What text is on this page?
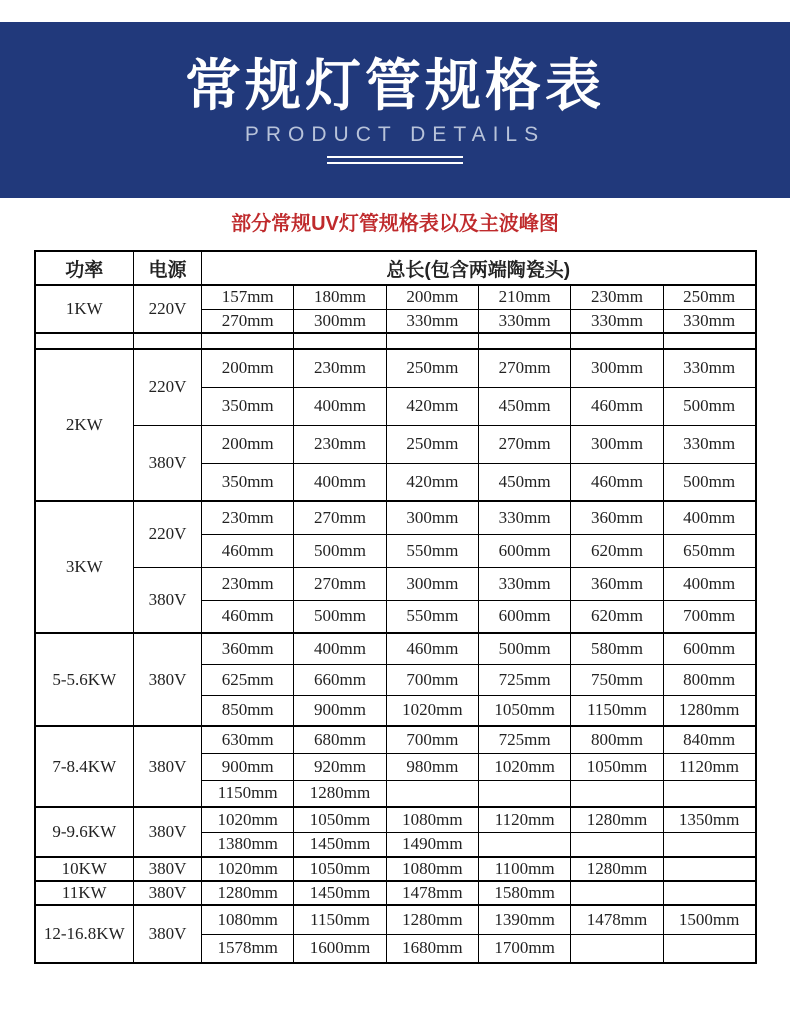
常规灯管规格表
PRODUCT DETAILS
部分常规UV灯管规格表以及主波峰图
功率	电源	总长(包含两端陶瓷头)					
1KW	220V	157mm	180mm	200mm	210mm	230mm	250mm
		270mm	300mm	330mm	330mm	330mm	330mm

2KW	220V	200mm	230mm	250mm	270mm	300mm	330mm
		350mm	400mm	420mm	450mm	460mm	500mm
	380V	200mm	230mm	250mm	270mm	300mm	330mm
		350mm	400mm	420mm	450mm	460mm	500mm
3KW	220V	230mm	270mm	300mm	330mm	360mm	400mm
		460mm	500mm	550mm	600mm	620mm	650mm
	380V	230mm	270mm	300mm	330mm	360mm	400mm
		460mm	500mm	550mm	600mm	620mm	700mm
5-5.6KW	380V	360mm	400mm	460mm	500mm	580mm	600mm
		625mm	660mm	700mm	725mm	750mm	800mm
		850mm	900mm	1020mm	1050mm	1150mm	1280mm
7-8.4KW	380V	630mm	680mm	700mm	725mm	800mm	840mm
		900mm	920mm	980mm	1020mm	1050mm	1120mm
		1150mm	1280mm				
9-9.6KW	380V	1020mm	1050mm	1080mm	1120mm	1280mm	1350mm
		1380mm	1450mm	1490mm			
10KW	380V	1020mm	1050mm	1080mm	1100mm	1280mm	
11KW	380V	1280mm	1450mm	1478mm	1580mm		
12-16.8KW	380V	1080mm	1150mm	1280mm	1390mm	1478mm	1500mm
		1578mm	1600mm	1680mm	1700mm		
